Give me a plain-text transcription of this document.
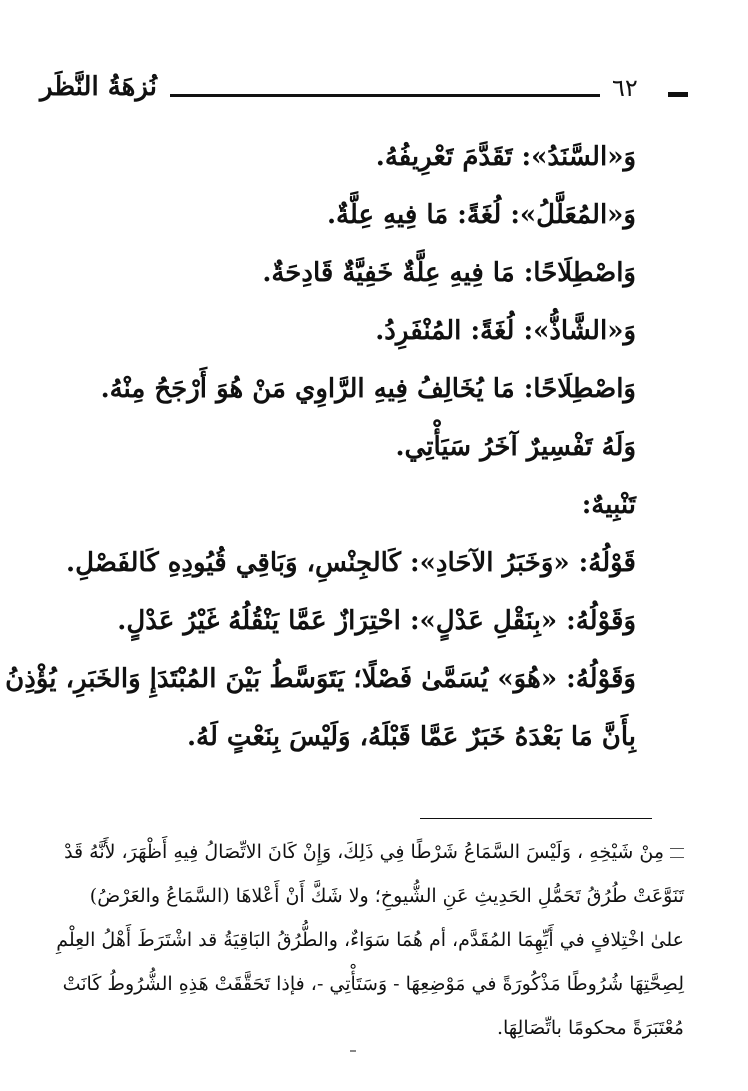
نُزهَةُ النَّظَر	٦٢
وَ«السَّنَدُ»: تَقَدَّمَ تَعْرِيفُهُ.
وَ«المُعَلَّلُ»: لُغَةً: مَا فِيهِ عِلَّةٌ.
وَاصْطِلَاحًا: مَا فِيهِ عِلَّةٌ خَفِيَّةٌ قَادِحَةٌ.
وَ«الشَّاذُّ»: لُغَةً: المُنْفَرِدُ.
وَاصْطِلَاحًا: مَا يُخَالِفُ فِيهِ الرَّاوِي مَنْ هُوَ أَرْجَحُ مِنْهُ.
وَلَهُ تَفْسِيرٌ آخَرُ سَيَأْتِي.
تَنْبِيهٌ:
قَوْلُهُ: «وَخَبَرُ الآحَادِ»: كَالجِنْسِ، وَبَاقِي قُيُودِهِ كَالفَصْلِ.
وَقَوْلُهُ: «بِنَقْلِ عَدْلٍ»: احْتِرَازٌ عَمَّا يَنْقُلُهُ غَيْرُ عَدْلٍ.
وَقَوْلُهُ: «هُوَ» يُسَمَّىٰ فَصْلًا؛ يَتَوَسَّطُ بَيْنَ المُبْتَدَإِ وَالخَبَرِ، يُؤْذِنُ
بِأَنَّ مَا بَعْدَهُ خَبَرٌ عَمَّا قَبْلَهُ، وَلَيْسَ بِنَعْتٍ لَهُ.
مِنْ شَيْخِهِ ، وَلَيْسَ السَّمَاعُ شَرْطًا فِي ذَلِكَ، وَإِنْ كَانَ الاتِّصَالُ فِيهِ أَظْهَرَ، لأَنَّهُ قَدْ
تَنَوَّعَتْ طُرُقُ تَحَمُّلِ الحَدِيثِ عَنِ الشُّيوخِ؛ ولا شَكَّ أَنْ أَعْلاهَا (السَّمَاعُ والعَرْضُ)
علىٰ اخْتِلافٍ في أَيِّهِمَا المُقَدَّم، أم هُمَا سَوَاءٌ، والطُّرُقُ البَاقِيَةُ قد اشْتَرَطَ أَهْلُ العِلْمِ
لِصِحَّتِهَا شُرُوطًا مَذْكُورَةً في مَوْضِعِهَا - وَسَتَأْتِي -، فإذا تَحَقَّقَتْ هَذِهِ الشُّرُوطُ كَانَتْ
مُعْتَبَرَةً محكومًا باتِّصَالِهَا.
